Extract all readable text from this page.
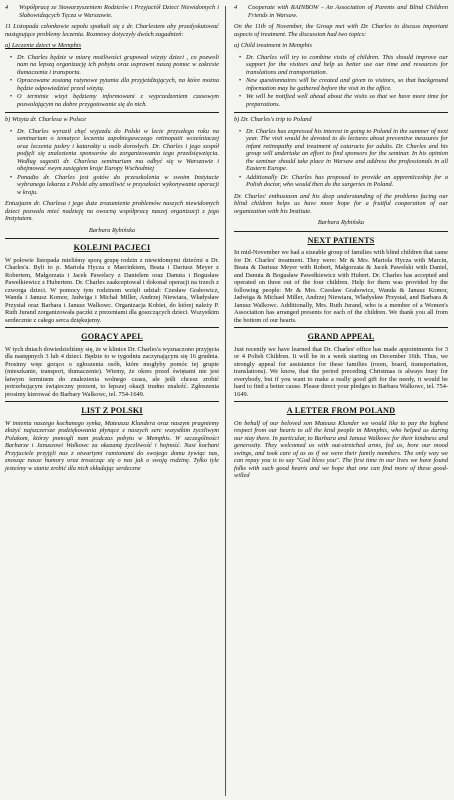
4	Współpracę ze Stowarzyszeniem Rodziców i Przyjaciół Dzieci Niewidomych i Słabowidzących Tęcza w Warszawie.

11 Listopada członkowie sepołu spotkali się z dr. Charlestem aby przedyskutować następujące problemy leczenia. Rozmowy dotyczyły dwóch zagadnień:

a) Leczenie dzieci w Memphis
• Dr. Charles będzie w miarę możliwości grupował wizyty dzieci , co pozwoli nam na lepszą organizację ich pobytu oraz usprawni naszą pomoc w zakresie tłumaczenia i transportu.
• Opracowane zostaną rutynowe pytania dla przyjeżdżających, na które można będzie odpowiedzieć przed wizytą.
• O terminie wizyt będziemy informowani z wyprzedzeniem czasowym pozwalającym na dobre przygotowanie się do nich.
b) Wizyta dr. Charlesa w Polsce
• Dr. Charles wyraził chęć wyjazdu do Polski w lecie przyszłego roku na seminarium o tematyce leczenia zapobiegawczego retinopatii wcześniaczej oraz leczenia jaskry i katarakty u osób dorosłych. Dr. Charles i jego zespół podjęli się znalezienia sponsorów do zorganizowania tego przedsięwzięcia. Według sugestii dr. Charlesa seminarium ma odbyć się w Warszawie i obejmować swym zasięgiem kraje Europy Wschodniej
• Ponadto dr. Charles jest gotów do przeszkolenia w swoim Instytucie wybranego lekarza z Polski aby umożliwić w przyszłości wykonywanie operacji w kraju.

Entuzjazm dr. Charlesa i jego duże zrozumienie problemów naszych niewidomych dzieci pozwala mieć nadzieję na owocną współpracę naszej organizacji z jego Instytutem.

Barbara Rybińska
KOLEJNI PACJECI

W połowie listopada mieliśmy sporą grupę rodzin z niewidomymi dziećmi u Dr. Charles'a. Byli to p. Mariola Hycza z Marcinkiem, Beata i Dariusz Meyer z Robertem, Małgorzata i Jacek Pawelscy z Danielem oraz Danuta i Bogusław Pawełkiewicz z Hubertem. Dr. Charles zaakceptował i dokonał operacji na trzech z czworga dzieci. W pomocy tym rodzinom wzięli udział: Czesław Grabowicz, Wanda i Janusz Komor, Jadwiga i Michał Miller, Andrzej Niewiara, Władysław Przystał oraz Barbara i Janusz Walkowc. Organizacja Kobiet, do której należy P. Ruth Jurand zorganizowała paczki z prezentami dla goszczących dzieci. Wszystkim serdecznie z całego serca dziękujemy.

GORĄCY APEL

W tych dniach dowiedzieliśmy się, że w klinice Dr. Charles'a wyznaczono przyjęcia dla następnych 3 lub 4 dzieci. Będzie to w tygodniu zaczynającym się 16 grudnia. Prosimy więc gorąco o zgłoszenia osób, które mogłyby pomóc tej grupie (mieszkanie, transport, tłumaczenie). Wiemy, że okres przed świętami nie jest łatwym terminem do znalezienia wolnego czasu, ale jeśli chcesz zrobić potrzebującym świąteczny prezent, to lepszej okazji trudno znaleźć. Zgłoszenia prosimy kierować do Barbary Walkowc, tel. 754-1649.

LIST Z POLSKI

W imieniu naszego kochanego synka, Mateusza Klundera oraz naszym pragniemy złożyć najszczersze podziękowania płynące z naszych serc wszystkim życzliwym Polakom, którzy pomogli nam podczas pobytu w Memphis. W szczególności Barbarze i Januszowi Walkowc za okazaną życzliwość i hojność. Nasi kochani Przyjaciele przyjęli nas z otwartymi ramionami do swojego domu żywiąc nas, znosząc nasze humory oraz troszcząc się o nas jak o swoją rodzinę. Tylko tyle jesteśmy w stanie zrobić dla nich składając serdeczne

4	Cooperate with RAINBOW - An Association of Parents and Blind Children Friends in Warsaw.

On the 11th of November, the Group met with Dr. Charles to discuss important aspects of treatment. The discussion had two topics:

a) Child treatment in Memphis
• Dr. Charles will try to combine visits of children. This should improve our support for the visitors and help us better use our time and resources for translations and transportation.
• New questionnaires will be created and given to visitors, so that background information may be gathered before the visit in the office.
• We will be notified well ahead about the visits so that we have more time for preparations.
b) Dr. Charles's trip to Poland
• Dr. Charles has expressed his interest in going to Poland in the summer of next year. The visit would be devoted to do lectures about preventive measures for infant retinopathy and treatment of cataracts for adults. Dr. Charles and his group will undertake an effort to find sponsors for the seminar. In his opinion the seminar should take place in Warsaw and address the professionals in all Eastern Europe.
• Additionally Dr. Charles has proposed to provide an apprenticeship for a Polish doctor, who would then do the surgeries in Poland.

Dr. Charles' enthusiasm and his deep understanding of the problems facing our blind children helps us have more hope for a fruitful cooperation of our organization with his Institute.

Barbara Rybińska
NEXT PATIENTS

In mid-November we had a sizeable group of families with blind children that came for Dr. Charles' treatment. They were: Mr & Mrs. Mariola Hycza with Marcin, Beata & Dariusz Meyer with Robert, Małgorzata & Jacek Pawelski with Daniel, and Danuta & Bogusław Pawełkiewicz with Hubert. Dr. Charles has accepted and operated on three out of the four children. Help for them was provided by the following people: Mr & Mrs. Czesław Grabowicz, Wanda & Janusz Komor, Jadwiga & Michael Miller, Andrzej Niewiara, Władysław Przystał, and Barbara & Janusz Walkowc. Additionally, Mrs. Ruth Jurand, who is a member of a Women's Association has arranged presents for each of the children. We thank you all from the bottom of our hearts.

GRAND APPEAL

Just recently we have learned that Dr. Charles' office has made appointments for 3 or 4 Polish Children. It will be in a week starting on December 16th. Thus, we strongly appeal for assistance for these families (room, board, transportation, translations). We know, that the period preceding Christmas is always busy for everybody, but if you want to make a really good gift for the needy, it would be hard to find a better cause. Please direct your pledges to Barbara Walkowc, tel. 754-1649.

A LETTER FROM POLAND

On behalf of our beloved son Mateusz Klunder we would like to pay the highest respect from our hearts to all the kind people in Memphis, who helped us during our stay there. In particular, to Barbara and Janusz Walkowc for their kindness and generosity. They welcomed us with out-stretched arms, fed us, bore our mood swings, and took care of us as if we were their family members. The only way we can repay you is to say "God bless you". The first time in our lives we have found folks with such good hearts and we hope that one can find more of these good-willed
